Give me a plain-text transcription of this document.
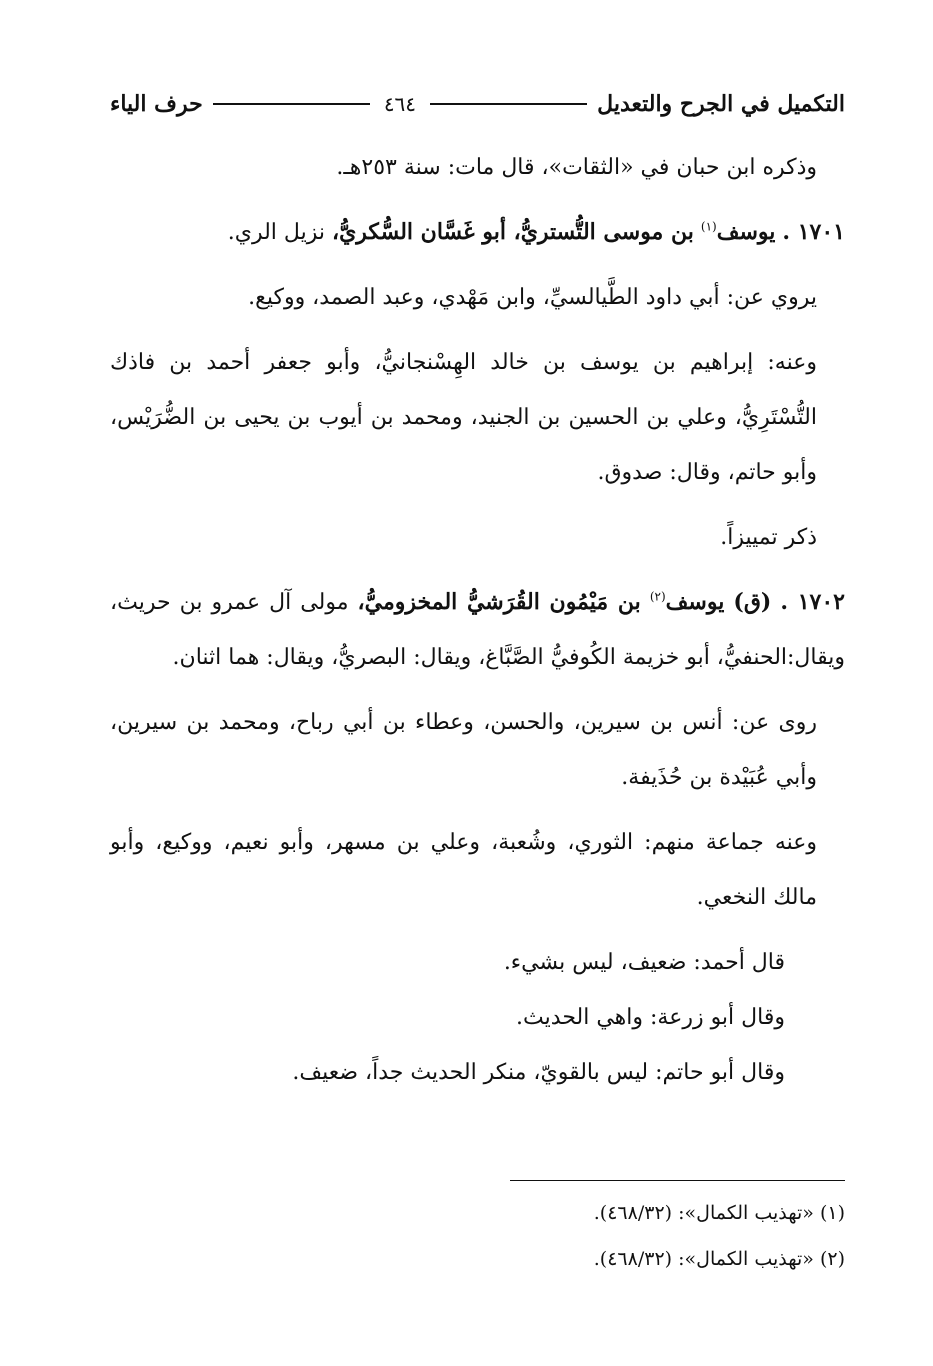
التكميل في الجرح والتعديل
٤٦٤
حرف الياء

وذكره ابن حبان في «الثقات»، قال مات: سنة ٢٥٣هـ.

١٧٠١ . يوسف$^{(١)}$ بن موسى التُّستريُّ، أبو غَسَّان السُّكريُّ، نزيل الري.

يروي عن: أبي داود الطَّيالسيِّ، وابن مَهْدي، وعبد الصمد، ووكيع.

وعنه: إبراهيم بن يوسف بن خالد الهِسْنجانيُّ، وأبو جعفر أحمد بن فاذك التُّسْتَرِيُّ، وعلي بن الحسين بن الجنيد، ومحمد بن أيوب بن يحيى بن الضُّرَيْس، وأبو حاتم، وقال: صدوق.

ذكر تمييزاً.

١٧٠٢ . (ق) يوسف$^{(٢)}$ بن مَيْمُون القُرَشيُّ المخزوميُّ، مولى آل عمرو بن حريث، ويقال:الحنفيُّ، أبو خزيمة الكُوفيُّ الصَّبَّاغ، ويقال: البصريُّ، ويقال: هما اثنان.

روى عن: أنس بن سيرين، والحسن، وعطاء بن أبي رباح، ومحمد بن سيرين، وأبي عُبَيْدة بن حُذَيفة.

وعنه جماعة منهم: الثوري، وشُعبة، وعلي بن مسهر، وأبو نعيم، ووكيع، وأبو مالك النخعي.

قال أحمد: ضعيف، ليس بشيء.

وقال أبو زرعة: واهي الحديث.

وقال أبو حاتم: ليس بالقويّ، منكر الحديث جداً، ضعيف.

(١) «تهذيب الكمال»: (٤٦٨/٣٢).

(٢) «تهذيب الكمال»: (٤٦٨/٣٢).
